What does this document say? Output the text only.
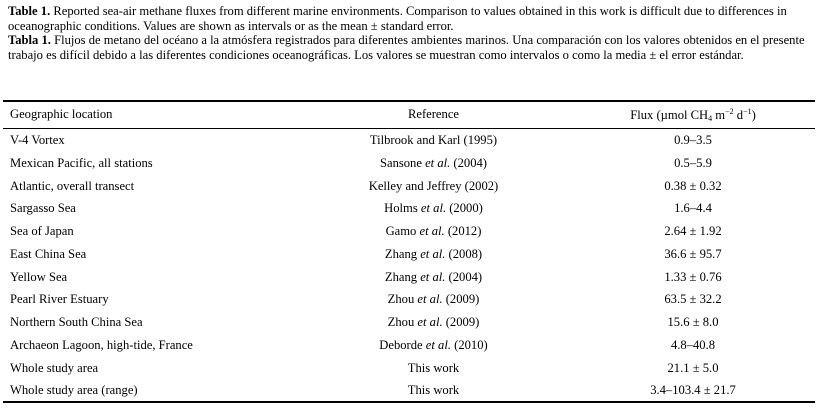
Table 1. Reported sea-air methane fluxes from different marine environments. Comparison to values obtained in this work is difficult due to differences in oceanographic conditions. Values are shown as intervals or as the mean ± standard error.

Tabla 1. Flujos de metano del océano a la atmósfera registrados para diferentes ambientes marinos. Una comparación con los valores obtenidos en el presente trabajo es difícil debido a las diferentes condiciones oceanográficas. Los valores se muestran como intervalos o como la media ± el error estándar.

Geographic location	Reference	Flux (µmol $CH_4$ $m^{-2}$ $d^{-1}$)
V-4 Vortex	Tilbrook and Karl (1995)	0.9–3.5
Mexican Pacific, all stations	Sansone et al. (2004)	0.5–5.9
Atlantic, overall transect	Kelley and Jeffrey (2002)	0.38 ± 0.32
Sargasso Sea	Holms et al. (2000)	1.6–4.4
Sea of Japan	Gamo et al. (2012)	2.64 ± 1.92
East China Sea	Zhang et al. (2008)	36.6 ± 95.7
Yellow Sea	Zhang et al. (2004)	1.33 ± 0.76
Pearl River Estuary	Zhou et al. (2009)	63.5 ± 32.2
Northern South China Sea	Zhou et al. (2009)	15.6 ± 8.0
Archaeon Lagoon, high-tide, France	Deborde et al. (2010)	4.8–40.8
Whole study area	This work	21.1 ± 5.0
Whole study area (range)	This work	3.4–103.4 ± 21.7
